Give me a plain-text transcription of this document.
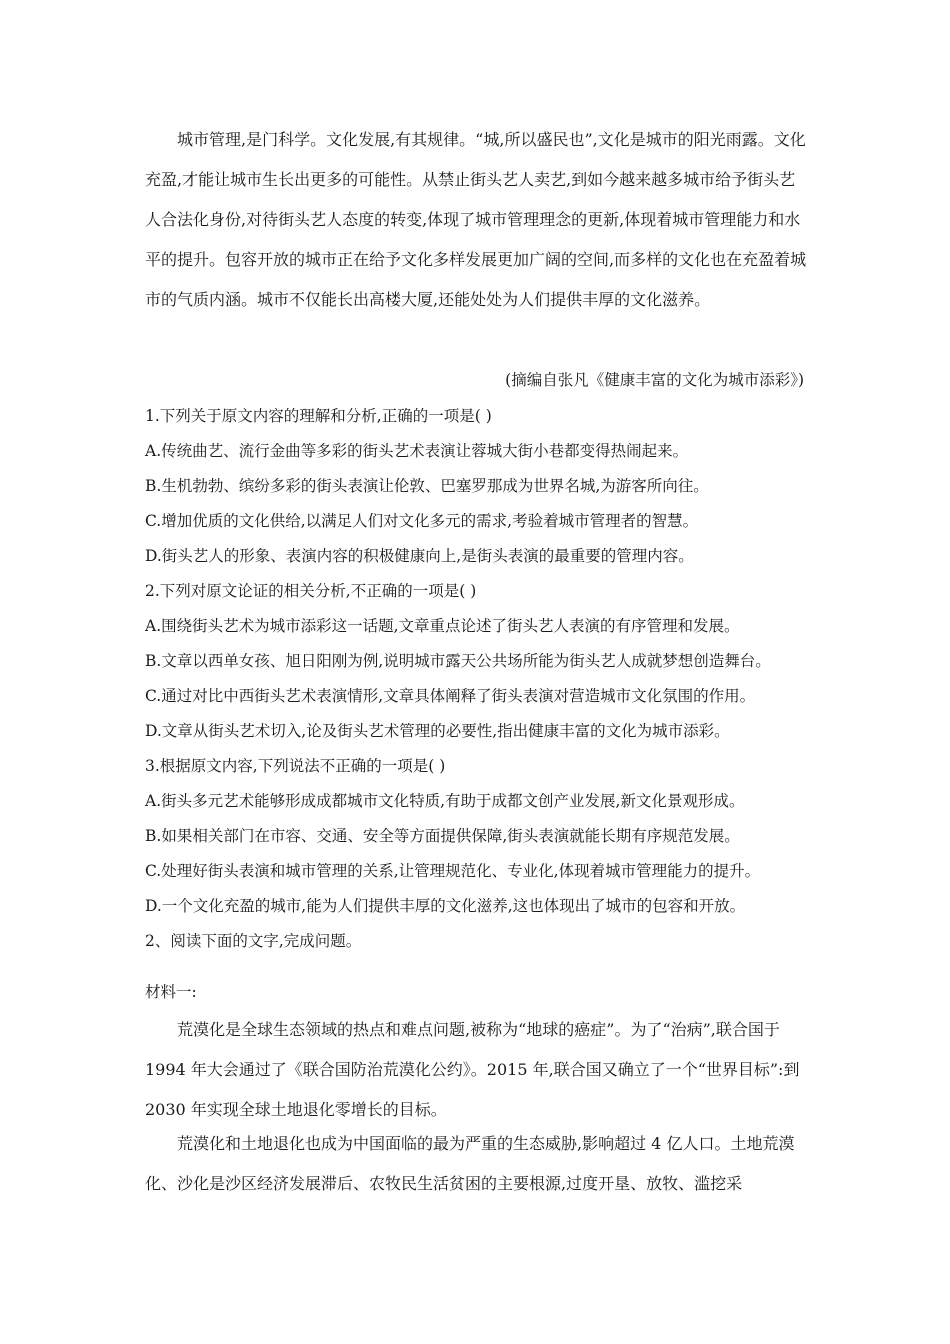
城市管理,是门科学。文化发展,有其规律。“城,所以盛民也”,文化是城市的阳光雨露。文化充盈,才能让城市生长出更多的可能性。从禁止街头艺人卖艺,到如今越来越多城市给予街头艺人合法化身份,对待街头艺人态度的转变,体现了城市管理理念的更新,体现着城市管理能力和水平的提升。包容开放的城市正在给予文化多样发展更加广阔的空间,而多样的文化也在充盈着城市的气质内涵。城市不仅能长出高楼大厦,还能处处为人们提供丰厚的文化滋养。

(摘编自张凡《健康丰富的文化为城市添彩》)

1.下列关于原文内容的理解和分析,正确的一项是( )
A.传统曲艺、流行金曲等多彩的街头艺术表演让蓉城大街小巷都变得热闹起来。
B.生机勃勃、缤纷多彩的街头表演让伦敦、巴塞罗那成为世界名城,为游客所向往。
C.增加优质的文化供给,以满足人们对文化多元的需求,考验着城市管理者的智慧。
D.街头艺人的形象、表演内容的积极健康向上,是街头表演的最重要的管理内容。
2.下列对原文论证的相关分析,不正确的一项是( )
A.围绕街头艺术为城市添彩这一话题,文章重点论述了街头艺人表演的有序管理和发展。
B.文章以西单女孩、旭日阳刚为例,说明城市露天公共场所能为街头艺人成就梦想创造舞台。
C.通过对比中西街头艺术表演情形,文章具体阐释了街头表演对营造城市文化氛围的作用。
D.文章从街头艺术切入,论及街头艺术管理的必要性,指出健康丰富的文化为城市添彩。
3.根据原文内容,下列说法不正确的一项是( )
A.街头多元艺术能够形成成都城市文化特质,有助于成都文创产业发展,新文化景观形成。
B.如果相关部门在市容、交通、安全等方面提供保障,街头表演就能长期有序规范发展。
C.处理好街头表演和城市管理的关系,让管理规范化、专业化,体现着城市管理能力的提升。
D.一个文化充盈的城市,能为人们提供丰厚的文化滋养,这也体现出了城市的包容和开放。
2、阅读下面的文字,完成问题。

材料一:

荒漠化是全球生态领域的热点和难点问题,被称为“地球的癌症”。为了“治病”,联合国于 1994 年大会通过了《联合国防治荒漠化公约》。2015 年,联合国又确立了一个“世界目标”:到 2030 年实现全球土地退化零增长的目标。

荒漠化和土地退化也成为中国面临的最为严重的生态威胁,影响超过 4 亿人口。土地荒漠化、沙化是沙区经济发展滞后、农牧民生活贫困的主要根源,过度开垦、放牧、滥挖采
